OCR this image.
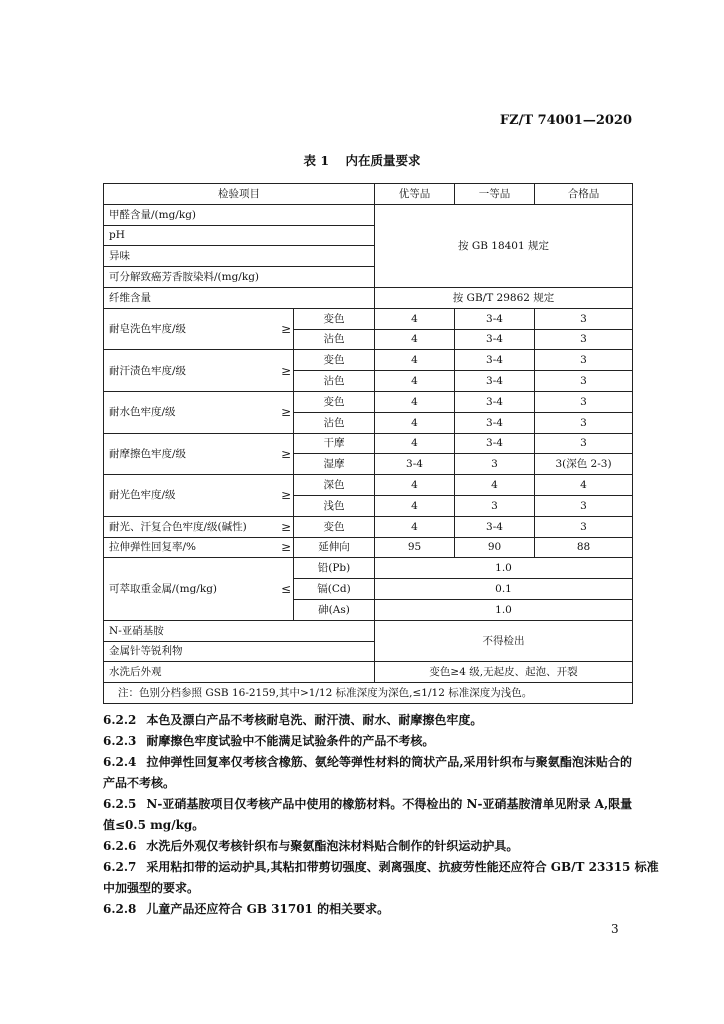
FZ/T 74001—2020
表 1 内在质量要求
检验项目		优等品	一等品	合格品
甲醛含量/(mg/kg)		按 GB 18401 规定		
pH				
异味				
可分解致癌芳香胺染料/(mg/kg)				
纤维含量		按 GB/T 29862 规定		

耐皂洗色牢度/级 ≥	变色	4	3-4	3
	沾色	4	3-4	3

耐汗渍色牢度/级 ≥	变色	4	3-4	3
	沾色	4	3-4	3

耐水色牢度/级 ≥	变色	4	3-4	3
	沾色	4	3-4	3

耐摩擦色牢度/级 ≥	干摩	4	3-4	3
	湿摩	3-4	3	3(深色 2-3)

耐光色牢度/级 ≥	深色	4	4	4
	浅色	4	3	3

耐光、汗复合色牢度/级(碱性) ≥	变色	4	3-4	3

拉伸弹性回复率/% ≥	延伸向	95	90	88

可萃取重金属/(mg/kg) ≤	铅(Pb)	1.0		
	镉(Cd)	0.1		
	砷(As)	1.0		
N-亚硝基胺		不得检出		
金属针等锐利物				
水洗后外观		变色≥4 级,无起皮、起泡、开裂		
注：色别分档参照 GSB 16-2159,其中>1/12 标准深度为深色,≤1/12 标准深度为浅色。				
6.2.2 本色及漂白产品不考核耐皂洗、耐汗渍、耐水、耐摩擦色牢度。
6.2.3 耐摩擦色牢度试验中不能满足试验条件的产品不考核。
6.2.4 拉伸弹性回复率仅考核含橡筋、氨纶等弹性材料的筒状产品,采用针织布与聚氨酯泡沫贴合的
产品不考核。
6.2.5 N-亚硝基胺项目仅考核产品中使用的橡筋材料。不得检出的 N-亚硝基胺清单见附录 A,限量
值≤0.5 mg/kg。
6.2.6 水洗后外观仅考核针织布与聚氨酯泡沫材料贴合制作的针织运动护具。
6.2.7 采用粘扣带的运动护具,其粘扣带剪切强度、剥离强度、抗疲劳性能还应符合 GB/T 23315 标准
中加强型的要求。
6.2.8 儿童产品还应符合 GB 31701 的相关要求。
3
